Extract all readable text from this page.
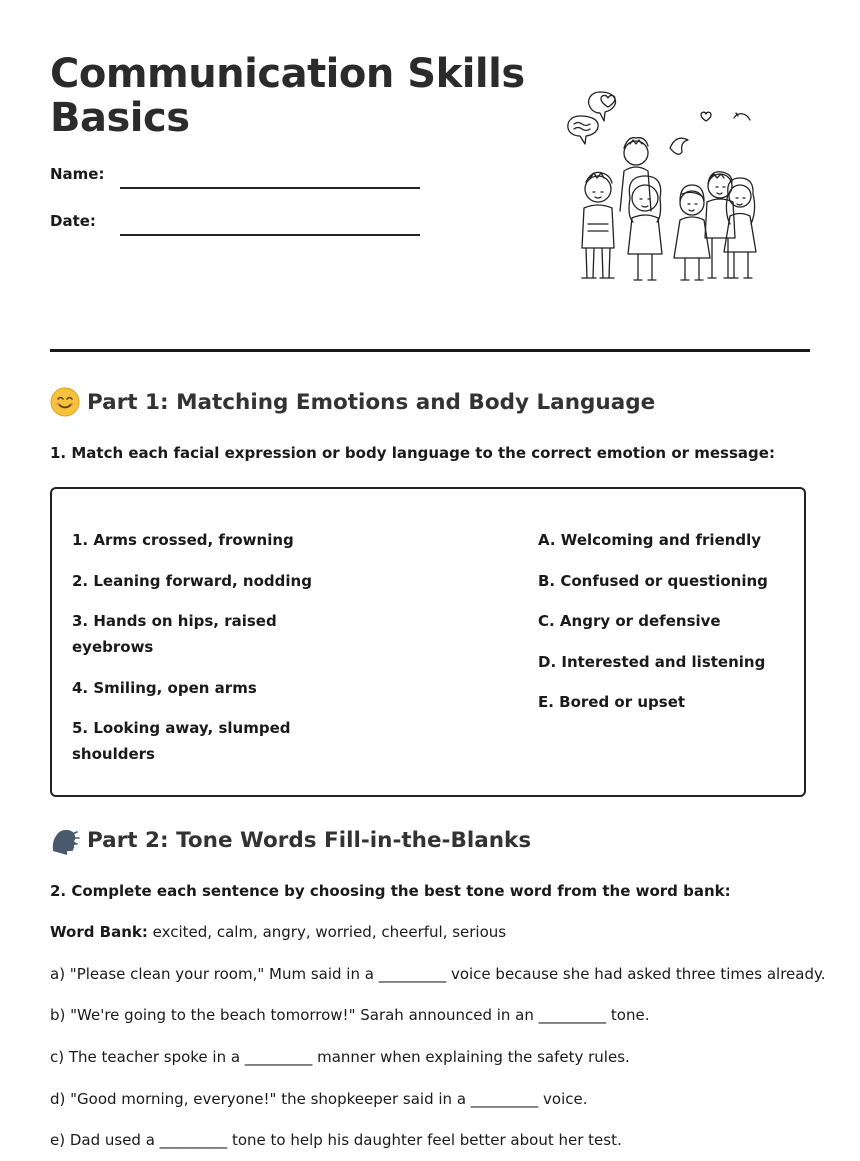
Communication Skills
Basics
Name:
Date:
Part 1: Matching Emotions and Body Language

1. Match each facial expression or body language to the correct emotion or message:

1. Arms crossed, frowning

2. Leaning forward, nodding

3. Hands on hips, raised eyebrows

4. Smiling, open arms

5. Looking away, slumped shoulders

A. Welcoming and friendly

B. Confused or questioning

C. Angry or defensive

D. Interested and listening

E. Bored or upset

Part 2: Tone Words Fill-in-the-Blanks

2. Complete each sentence by choosing the best tone word from the word bank:

Word Bank: excited, calm, angry, worried, cheerful, serious

a) "Please clean your room," Mum said in a _________ voice because she had asked three times already.

b) "We're going to the beach tomorrow!" Sarah announced in an _________ tone.

c) The teacher spoke in a _________ manner when explaining the safety rules.

d) "Good morning, everyone!" the shopkeeper said in a _________ voice.

e) Dad used a _________ tone to help his daughter feel better about her test.
